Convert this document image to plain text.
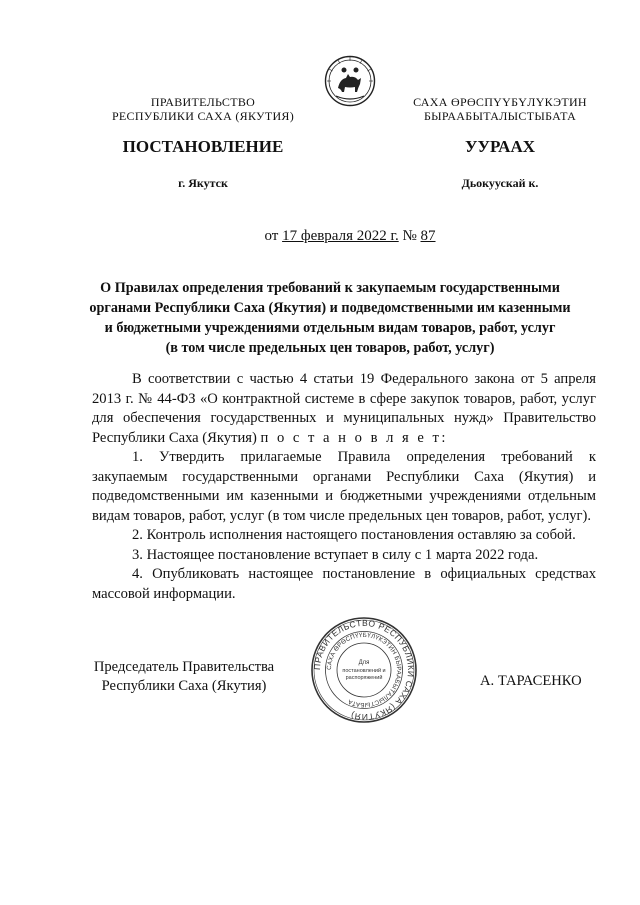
ПРАВИТЕЛЬСТВО
РЕСПУБЛИКИ САХА (ЯКУТИЯ)
САХА ӨРӨСПҮҮБҮЛҮКЭТИН
БЫРААБЫТАЛЫСТЫБАТА
ПОСТАНОВЛЕНИЕ	УУРААХ
г. Якутск	Дьокуускай к.
от 17 февраля 2022 г. № 87
О Правилах определения требований к закупаемым государственными
органами Республики Саха (Якутия) и подведомственными им казенными
и бюджетными учреждениями отдельным видам товаров, работ, услуг
(в том числе предельных цен товаров, работ, услуг)

В соответствии с частью 4 статьи 19 Федерального закона от 5 апреля 2013 г. № 44-ФЗ «О контрактной системе в сфере закупок товаров, работ, услуг для обеспечения государственных и муниципальных нужд» Правительство Республики Саха (Якутия) п о с т а н о в л я е т:

1. Утвердить прилагаемые Правила определения требований к закупаемым государственными органами Республики Саха (Якутия) и подведомственными им казенными и бюджетными учреждениями отдельным видам товаров, работ, услуг (в том числе предельных цен товаров, работ, услуг).

2. Контроль исполнения настоящего постановления оставляю за собой.

3. Настоящее постановление вступает в силу с 1 марта 2022 года.

4. Опубликовать настоящее постановление в официальных средствах массовой информации.

Председатель Правительства
Республики Саха (Якутия)	А. ТАРАСЕНКО
ПРАВИТЕЛЬСТВО РЕСПУБЛИКИ САХА (ЯКУТИЯ)
САХА ӨРӨСПҮҮБҮЛҮКЭТИН БЫРААБЫТАЛЫСТЫБАТА
Для
постановлений и
распоряжений
